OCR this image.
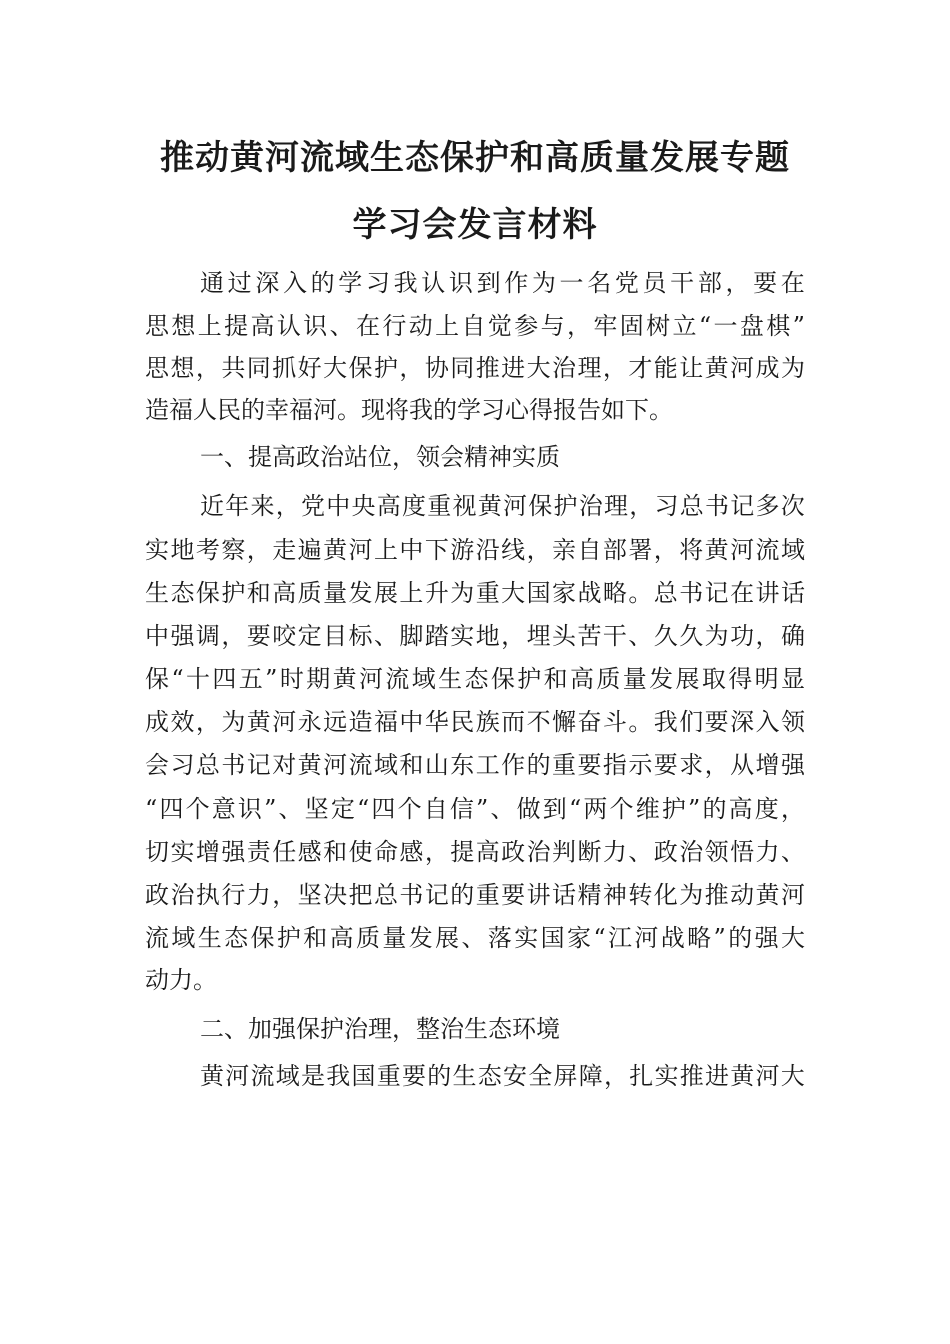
推动黄河流域生态保护和高质量发展专题
学习会发言材料
通 过 深 入 的 学 习 我 认 识 到 作 为 一 名 党 员 干 部 ， 要 在
思 想 上 提 高 认 识 、 在 行 动 上 自 觉 参 与 ， 牢 固 树 立 “ 一 盘 棋 ”
思 想 ， 共 同 抓 好 大 保 护 ， 协 同 推 进 大 治 理 ， 才 能 让 黄 河 成 为
造福人民的幸福河。现将我的学习心得报告如下。
一、提高政治站位，领会精神实质
近 年 来 ， 党 中 央 高 度 重 视 黄 河 保 护 治 理 ， 习 总 书 记 多 次
实 地 考 察 ， 走 遍 黄 河 上 中 下 游 沿 线 ， 亲 自 部 署 ， 将 黄 河 流 域
生 态 保 护 和 高 质 量 发 展 上 升 为 重 大 国 家 战 略 。 总 书 记 在 讲 话
中 强 调 ， 要 咬 定 目 标 、 脚 踏 实 地 ， 埋 头 苦 干 、 久 久 为 功 ， 确
保 “ 十 四 五 ” 时 期 黄 河 流 域 生 态 保 护 和 高 质 量 发 展 取 得 明 显
成 效 ， 为 黄 河 永 远 造 福 中 华 民 族 而 不 懈 奋 斗 。 我 们 要 深 入 领
会 习 总 书 记 对 黄 河 流 域 和 山 东 工 作 的 重 要 指 示 要 求 ， 从 增 强
“ 四 个 意 识 ” 、 坚 定 “ 四 个 自 信 ” 、 做 到 “ 两 个 维 护 ” 的 高 度 ，
切 实 增 强 责 任 感 和 使 命 感 ， 提 高 政 治 判 断 力 、 政 治 领 悟 力 、
政 治 执 行 力 ， 坚 决 把 总 书 记 的 重 要 讲 话 精 神 转 化 为 推 动 黄 河
流 域 生 态 保 护 和 高 质 量 发 展 、 落 实 国 家 “ 江 河 战 略 ” 的 强 大
动力。
二、加强保护治理，整治生态环境
黄 河 流 域 是 我 国 重 要 的 生 态 安 全 屏 障 ， 扎 实 推 进 黄 河 大
